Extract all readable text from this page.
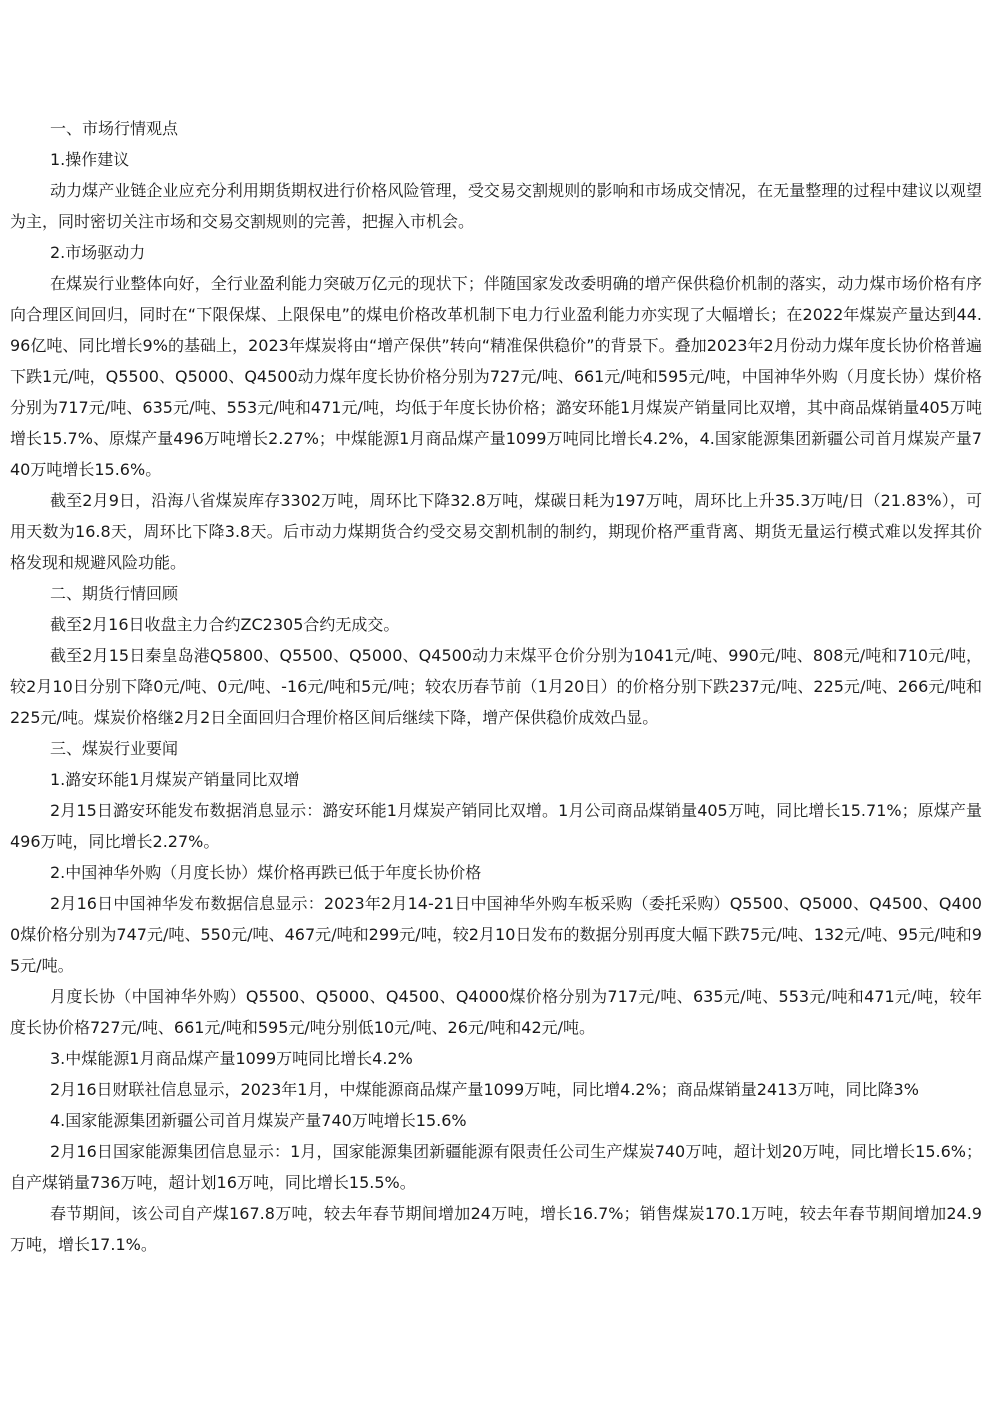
一、市场行情观点

1.操作建议

动力煤产业链企业应充分利用期货期权进行价格风险管理，受交易交割规则的影响和市场成交情况，在无量整理的过程中建议以观望为主，同时密切关注市场和交易交割规则的完善，把握入市机会。

2.市场驱动力

在煤炭行业整体向好，全行业盈利能力突破万亿元的现状下；伴随国家发改委明确的增产保供稳价机制的落实，动力煤市场价格有序向合理区间回归，同时在“下限保煤、上限保电”的煤电价格改革机制下电力行业盈利能力亦实现了大幅增长；在2022年煤炭产量达到44.96亿吨、同比增长9%的基础上，2023年煤炭将由“增产保供”转向“精准保供稳价”的背景下。叠加2023年2月份动力煤年度长协价格普遍下跌1元/吨，Q5500、Q5000、Q4500动力煤年度长协价格分别为727元/吨、661元/吨和595元/吨，中国神华外购（月度长协）煤价格分别为717元/吨、635元/吨、553元/吨和471元/吨，均低于年度长协价格；潞安环能1月煤炭产销量同比双增，其中商品煤销量405万吨增长15.7%、原煤产量496万吨增长2.27%；中煤能源1月商品煤产量1099万吨同比增长4.2%，4.国家能源集团新疆公司首月煤炭产量740万吨增长15.6%。

截至2月9日，沿海八省煤炭库存3302万吨，周环比下降32.8万吨，煤碳日耗为197万吨，周环比上升35.3万吨/日（21.83%），可用天数为16.8天，周环比下降3.8天。后市动力煤期货合约受交易交割机制的制约，期现价格严重背离、期货无量运行模式难以发挥其价格发现和规避风险功能。

二、期货行情回顾

截至2月16日收盘主力合约ZC2305合约无成交。

截至2月15日秦皇岛港Q5800、Q5500、Q5000、Q4500动力末煤平仓价分别为1041元/吨、990元/吨、808元/吨和710元/吨，较2月10日分别下降0元/吨、0元/吨、-16元/吨和5元/吨；较农历春节前（1月20日）的价格分别下跌237元/吨、225元/吨、266元/吨和225元/吨。煤炭价格继2月2日全面回归合理价格区间后继续下降，增产保供稳价成效凸显。

三、煤炭行业要闻

1.潞安环能1月煤炭产销量同比双增

2月15日潞安环能发布数据消息显示：潞安环能1月煤炭产销同比双增。1月公司商品煤销量405万吨，同比增长15.71%；原煤产量496万吨，同比增长2.27%。

2.中国神华外购（月度长协）煤价格再跌已低于年度长协价格

2月16日中国神华发布数据信息显示：2023年2月14-21日中国神华外购车板采购（委托采购）Q5500、Q5000、Q4500、Q4000煤价格分别为747元/吨、550元/吨、467元/吨和299元/吨，较2月10日发布的数据分别再度大幅下跌75元/吨、132元/吨、95元/吨和95元/吨。

月度长协（中国神华外购）Q5500、Q5000、Q4500、Q4000煤价格分别为717元/吨、635元/吨、553元/吨和471元/吨，较年度长协价格727元/吨、661元/吨和595元/吨分别低10元/吨、26元/吨和42元/吨。

3.中煤能源1月商品煤产量1099万吨同比增长4.2%

2月16日财联社信息显示，2023年1月，中煤能源商品煤产量1099万吨，同比增4.2%；商品煤销量2413万吨，同比降3%

4.国家能源集团新疆公司首月煤炭产量740万吨增长15.6%

2月16日国家能源集团信息显示：1月，国家能源集团新疆能源有限责任公司生产煤炭740万吨，超计划20万吨，同比增长15.6%；自产煤销量736万吨，超计划16万吨，同比增长15.5%。

春节期间，该公司自产煤167.8万吨，较去年春节期间增加24万吨，增长16.7%；销售煤炭170.1万吨，较去年春节期间增加24.9万吨，增长17.1%。
